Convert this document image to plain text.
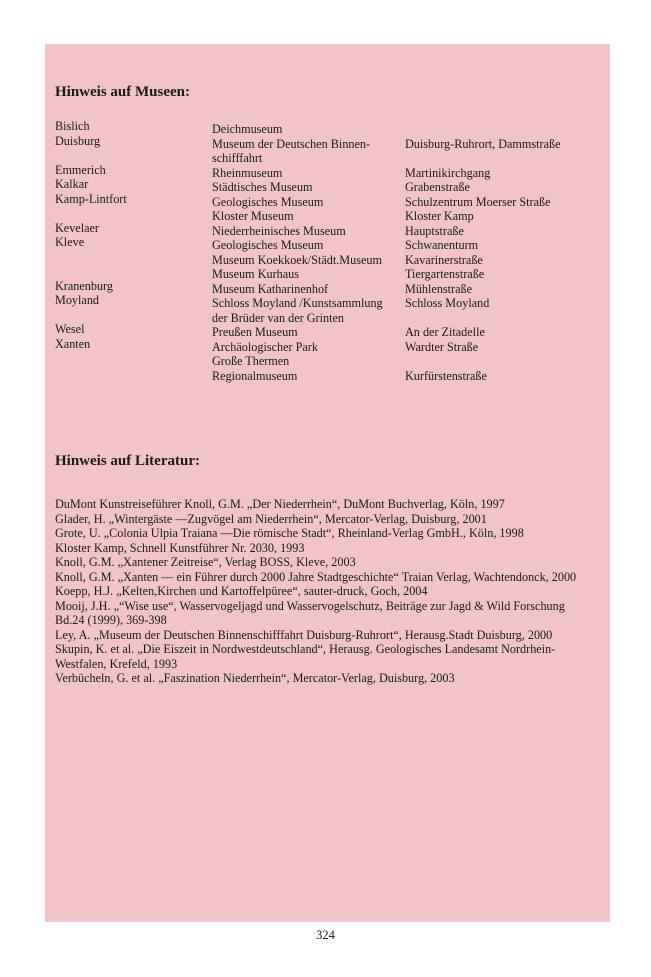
Hinweis auf Museen:
Bislich
Duisburg
Emmerich
Kalkar
Kamp-Lintfort
Kevelaer
Kleve
Kranenburg
Moyland
Wesel
Xanten
Deichmuseum
Museum der Deutschen Binnen-
schifffahrt
Rheinmuseum
Städtisches Museum
Geologisches Museum
Kloster Museum
Niederrheinisches Museum
Geologisches Museum
Museum Koekkoek/Städt.Museum
Museum Kurhaus
Museum Katharinenhof
Schloss Moyland /Kunstsammlung
der Brüder van der Grinten
Preußen Museum
Archäologischer Park
Große Thermen
Regionalmuseum
Duisburg-Ruhrort, Dammstraße
Martinikirchgang
Grabenstraße
Schulzentrum Moerser Straße
Kloster Kamp
Hauptstraße
Schwanenturm
Kavarinerstraße
Tiergartenstraße
Mühlenstraße
Schloss Moyland
An der Zitadelle
Wardter Straße
Kurfürstenstraße
Hinweis auf Literatur:
DuMont Kunstreiseführer Knoll, G.M. „Der Niederrhein“, DuMont Buchverlag, Köln, 1997
Glader, H. „Wintergäste —Zugvögel am Niederrhein“, Mercator-Verlag, Duisburg, 2001
Grote, U. „Colonia Ulpia Traiana —Die römische Stadt“, Rheinland-Verlag GmbH., Köln, 1998
Kloster Kamp, Schnell Kunstführer Nr. 2030, 1993
Knoll, G.M. „Xantener Zeitreise“, Verlag BOSS, Kleve, 2003
Knoll, G.M. „Xanten — ein Führer durch 2000 Jahre Stadtgeschichte“ Traian Verlag, Wachtendonck, 2000
Koepp, H.J. „Kelten,Kirchen und Kartoffelpüree“, sauter-druck, Goch, 2004
Mooij, J.H. „“Wise use“, Wasservogeljagd und Wasservogelschutz, Beiträge zur Jagd & Wild Forschung
Bd.24 (1999), 369-398
Ley, A. „Museum der Deutschen Binnenschifffahrt Duisburg-Ruhrort“, Herausg.Stadt Duisburg, 2000
Skupin, K. et al. „Die Eiszeit in Nordwestdeutschland“, Herausg. Geologisches Landesamt Nordrhein-
Westfalen, Krefeld, 1993
Verbücheln, G. et al. „Faszination Niederrhein“, Mercator-Verlag, Duisburg, 2003
324
